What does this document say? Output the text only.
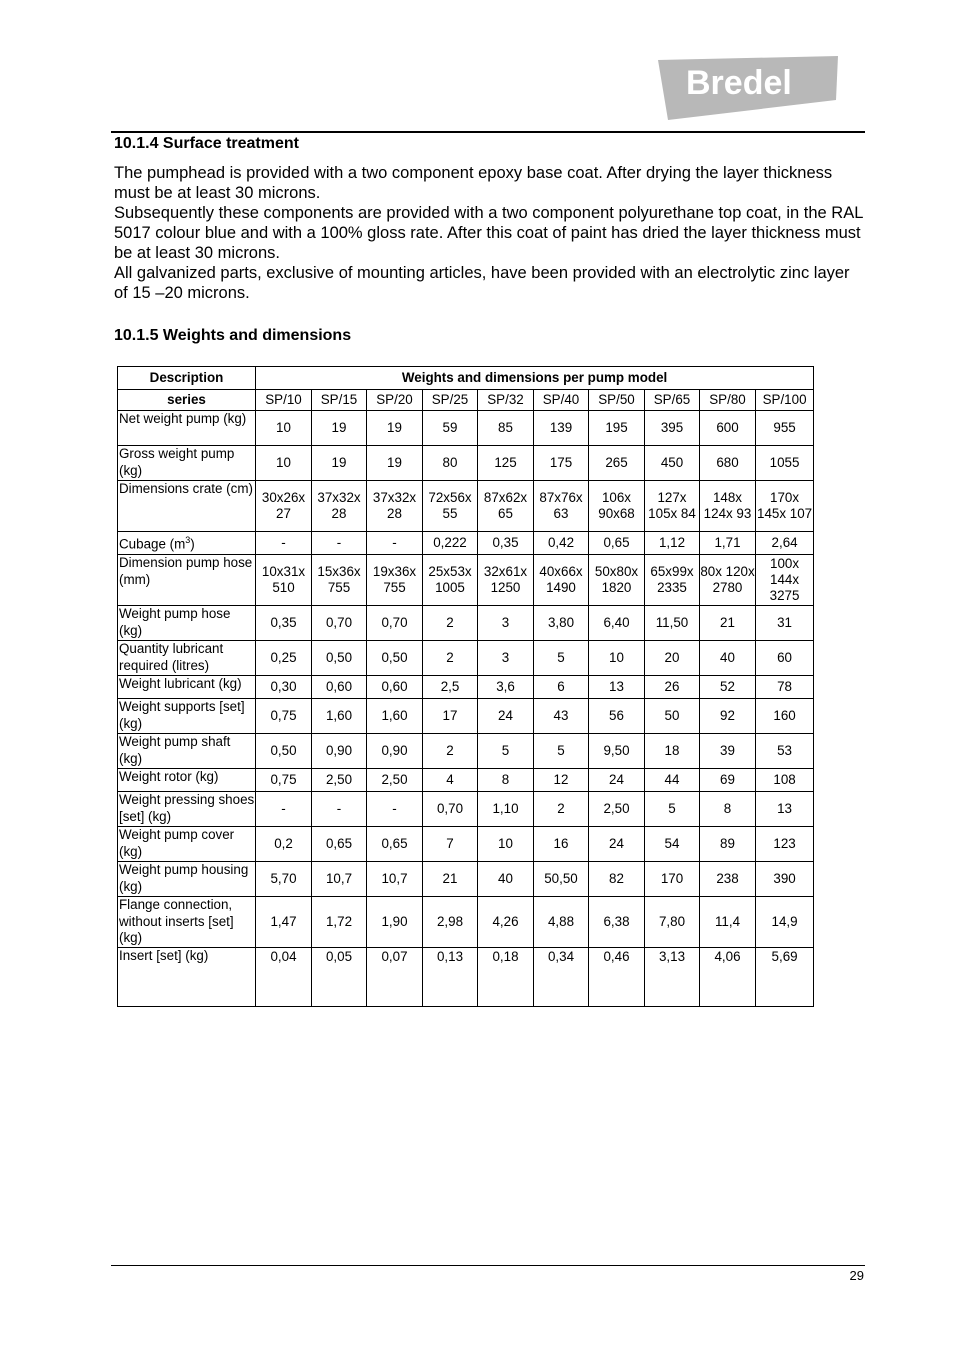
Bredel
10.1.4 Surface treatment

The pumphead is provided with a two component epoxy base coat. After drying the layer thickness must be at least 30 microns.

Subsequently these components are provided with a two component polyurethane top coat, in the RAL 5017 colour blue and with a 100% gloss rate. After this coat of paint has dried the layer thickness must be at least 30 microns.

All galvanized parts, exclusive of mounting articles, have been provided with an electrolytic zinc layer of 15 –20 microns.

10.1.5 Weights and dimensions
Description	Weights and dimensions per pump model									
series	SP/10	SP/15	SP/20	SP/25	SP/32	SP/40	SP/50	SP/65	SP/80	SP/100
Net weight pump (kg)	10	19	19	59	85	139	195	395	600	955
Gross weight pump (kg)	10	19	19	80	125	175	265	450	680	1055
Dimensions crate (cm)	30x26x 27	37x32x 28	37x32x 28	72x56x 55	87x62x 65	87x76x 63	106x 90x68	127x 105x 84	148x 124x 93	170x 145x 107
Cubage $(m^3)$	-	-	-	0,222	0,35	0,42	0,65	1,12	1,71	2,64
Dimension pump hose (mm)	10x31x 510	15x36x 755	19x36x 755	25x53x 1005	32x61x 1250	40x66x 1490	50x80x 1820	65x99x 2335	80x 120x 2780	100x 144x 3275
Weight pump hose (kg)	0,35	0,70	0,70	2	3	3,80	6,40	11,50	21	31
Quantity lubricant required (litres)	0,25	0,50	0,50	2	3	5	10	20	40	60
Weight lubricant (kg)	0,30	0,60	0,60	2,5	3,6	6	13	26	52	78
Weight supports [set] (kg)	0,75	1,60	1,60	17	24	43	56	50	92	160
Weight pump shaft (kg)	0,50	0,90	0,90	2	5	5	9,50	18	39	53
Weight rotor (kg)	0,75	2,50	2,50	4	8	12	24	44	69	108
Weight pressing shoes [set] (kg)	-	-	-	0,70	1,10	2	2,50	5	8	13
Weight pump cover (kg)	0,2	0,65	0,65	7	10	16	24	54	89	123
Weight pump housing (kg)	5,70	10,7	10,7	21	40	50,50	82	170	238	390
Flange connection, without inserts [set] (kg)	1,47	1,72	1,90	2,98	4,26	4,88	6,38	7,80	11,4	14,9
Insert [set] (kg)	0,04	0,05	0,07	0,13	0,18	0,34	0,46	3,13	4,06	5,69
29
